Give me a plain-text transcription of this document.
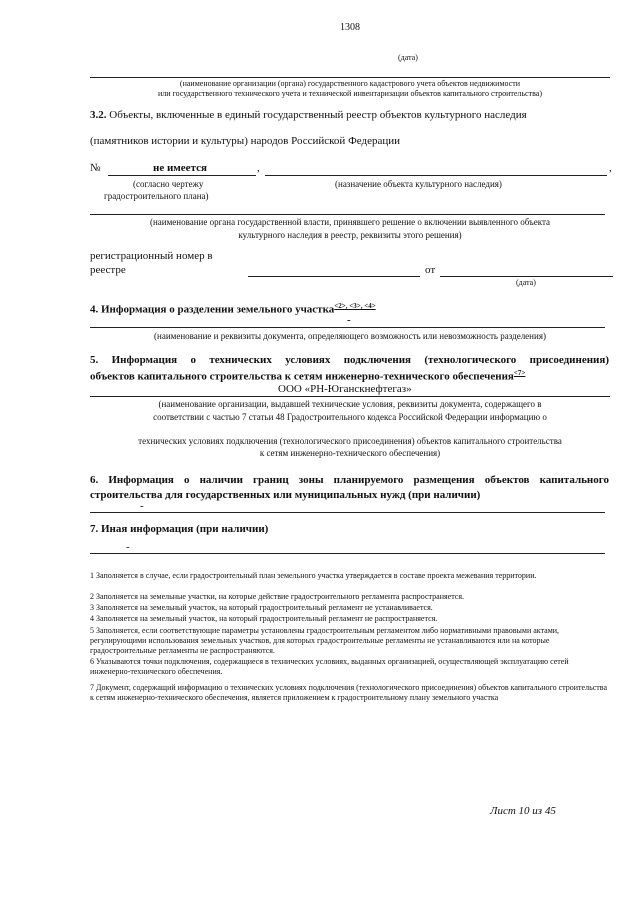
1308
(дата)
(наименование организации (органа) государственного кадастрового учета объектов недвижимости
или государственного технического учета и технической инвентаризации объектов капитального строительства)
3.2. Объекты, включенные в единый государственный реестр объектов культурного наследия
(памятников истории и культуры) народов Российской Федерации
№	не имеется	,	,
(согласно чертежу
градостроительного плана)
(назначение объекта культурного наследия)
(наименование органа государственной власти, принявшего решение о включении выявленного объекта
культурного наследия в реестр, реквизиты этого решения)
регистрационный номер в
реестре	от
(дата)
4. Информация о разделении земельного участка$^{<2>, <3>, <4>}$
-
(наименование и реквизиты документа, определяющего возможность или невозможность разделения)
5. Информация о технических условиях подключения (технологического присоединения)
объектов капитального строительства к сетям инженерно-технического обеспечения$^{<7>}$
ООО «РН-Юганскнефтегаз»
(наименование организации, выдавшей технические условия, реквизиты документа, содержащего в
соответствии с частью 7 статьи 48 Градостроительного кодекса Российской Федерации информацию о
технических условиях подключения (технологического присоединения) объектов капитального строительства
к сетям инженерно-технического обеспечения)
6. Информация о наличии границ зоны планируемого размещения объектов капитального
строительства для государственных или муниципальных нужд (при наличии)
-
7. Иная информация (при наличии)
-
1 Заполняется в случае, если градостроительный план земельного участка утверждается в составе проекта межевания территории.
2 Заполняется на земельные участки, на которые действие градостроительного регламента распространяется.
3 Заполняется на земельный участок, на который градостроительный регламент не устанавливается.
4 Заполняется на земельный участок, на который градостроительный регламент не распространяется.
5 Заполняется, если соответствующие параметры установлены градостроительным регламентом либо нормативными правовыми актами, регулирующими использования земельных участков, для которых градостроительные регламенты не устанавливаются или на которые градостроительные регламенты не распространяются.
6 Указываются точки подключения, содержащиеся в технических условиях, выданных организацией, осуществляющей эксплуатацию сетей инженерно-технического обеспечения.
7 Документ, содержащий информацию о технических условиях подключения (технологического присоединения) объектов капитального строительства к сетям инженерно-технического обеспечения, является приложением к градостроительному плану земельного участка
Лист 10 из 45
